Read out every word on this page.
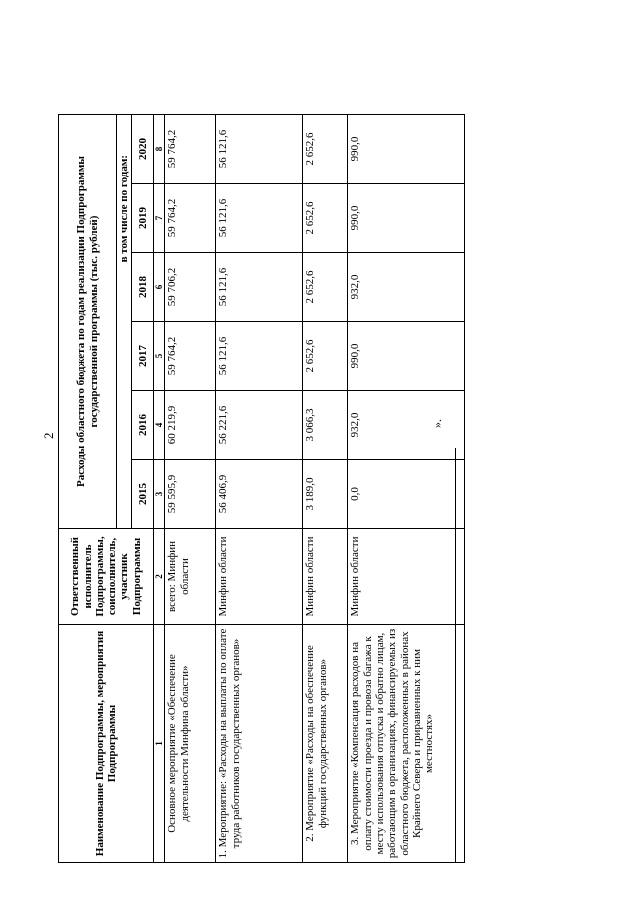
2
Наименование Подпрограммы, мероприятия Подпрограммы	Ответственный исполнитель Подпрограммы, соисполнитель, участник Подпрограммы	Расходы областного бюджета по годам реализации Подпрограммы государственной программы (тыс. рублей)					
		в том числе по годам:					
		2015	2016	2017	2018	2019	2020
1	2	3	4	5	6	7	8
Основное мероприятие «Обеспечение деятельности Минфина области»	всего: Минфин области	59 595,9	60 219,9	59 764,2	59 706,2	59 764,2	59 764,2
1. Мероприятие: «Расходы на выплаты по оплате труда работников государственных органов»	Минфин области	56 406,9	56 221,6	56 121,6	56 121,6	56 121,6	56 121,6
2. Мероприятие «Расходы на обеспечение функций государственных органов»	Минфин области	3 189,0	3 066,3	2 652,6	2 652,6	2 652,6	2 652,6
3. Мероприятие «Компенсация расходов на оплату стоимости проезда и провоза багажа к месту использования отпуска и обратно лицам, работающим в организациях, финансируемых из областного бюджета, расположенных в районах Крайнего Севера и приравненных к ним местностях»	Минфин области	0,0	932,0	990,0	932,0	990,0	990,0
».
